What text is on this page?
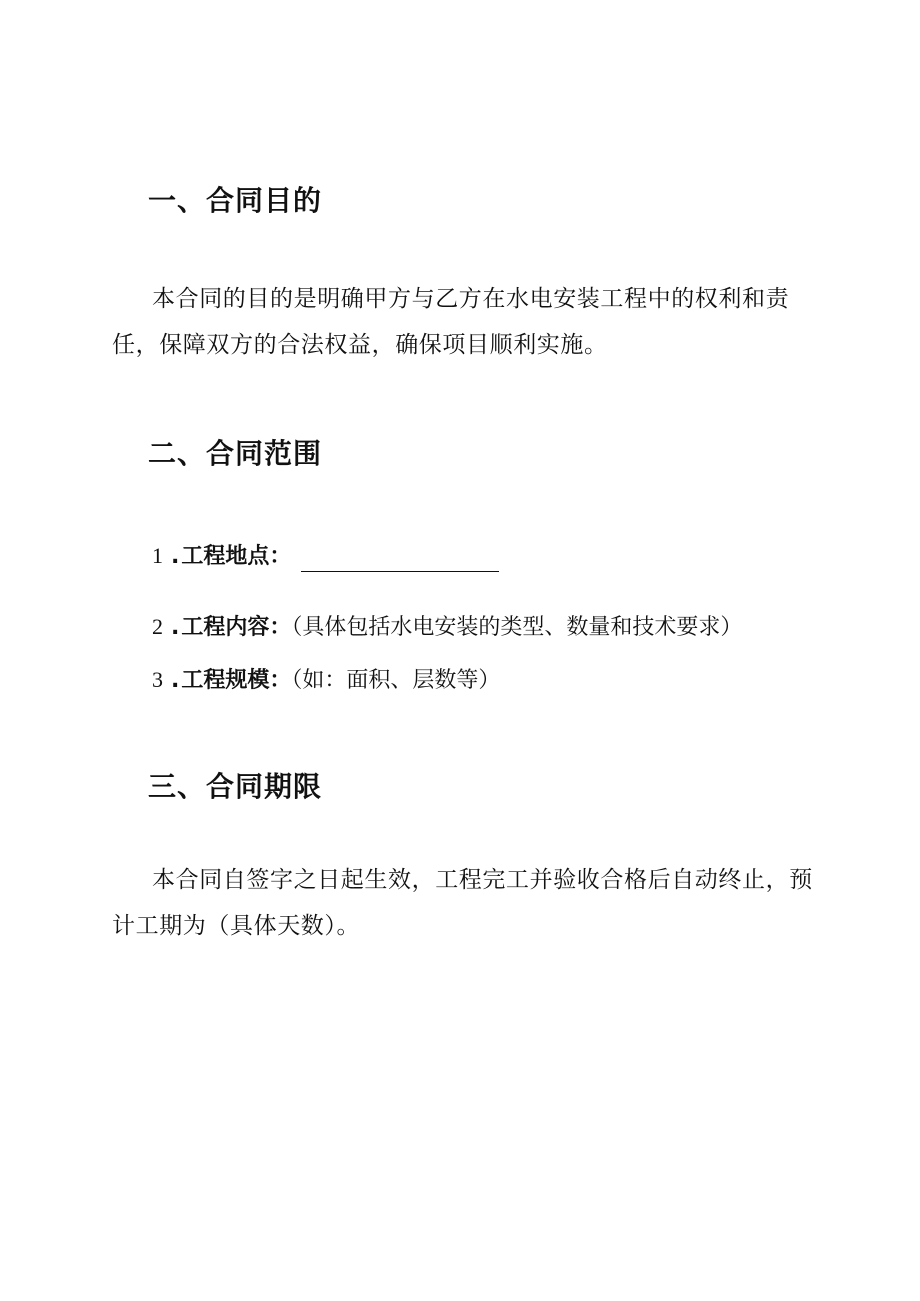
一、合同目的
本合同的目的是明确甲方与乙方在水电安装工程中的权利和责
任，保障双方的合法权益，确保项目顺利实施。
二、合同范围
1 .工程地点：
2 .工程内容：（具体包括水电安装的类型、数量和技术要求）
3 .工程规模：（如：面积、层数等）
三、合同期限
本合同自签字之日起生效，工程完工并验收合格后自动终止，预
计工期为（具体天数）。
